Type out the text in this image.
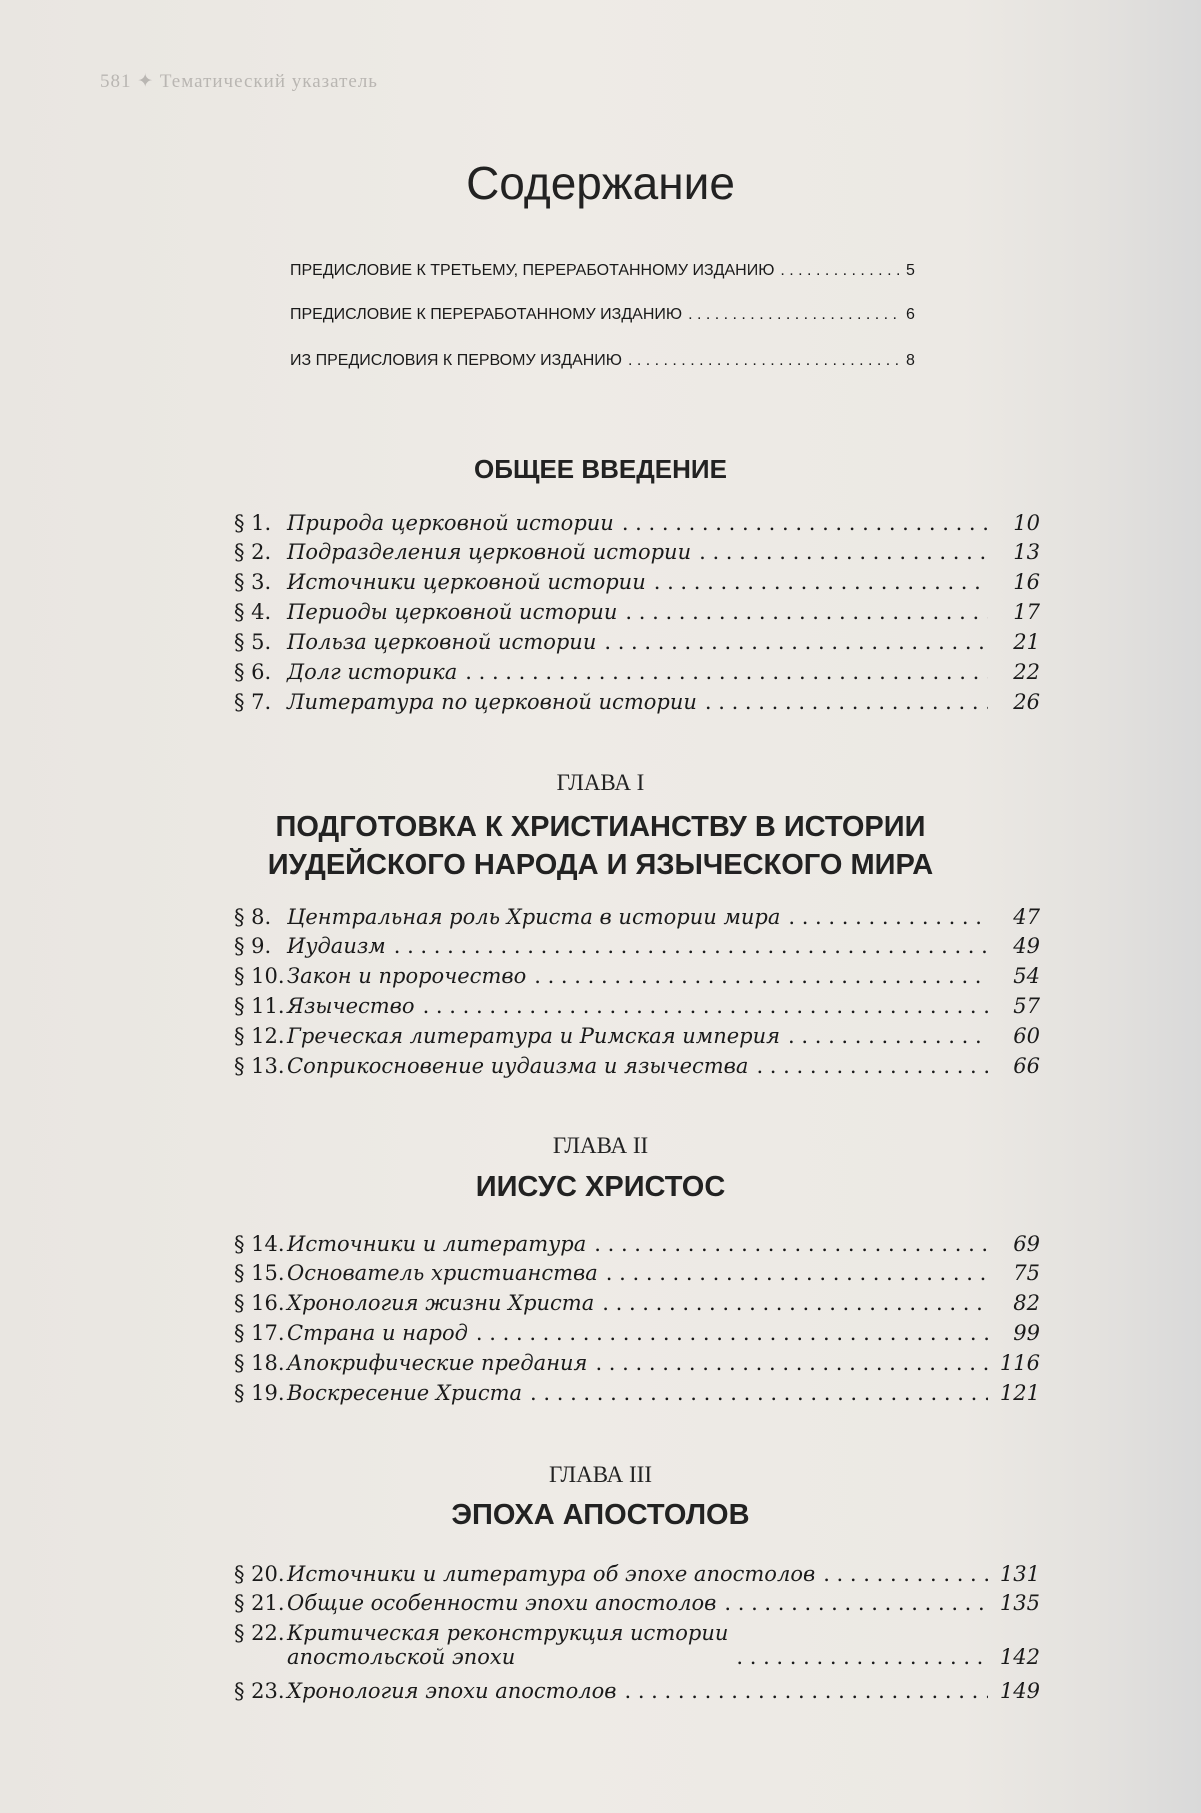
581 ✦ Тематический указатель
Содержание
ПРЕДИСЛОВИЕ К ТРЕТЬЕМУ, ПЕРЕРАБОТАННОМУ ИЗДАНИЮ . .	5
ПРЕДИСЛОВИЕ К ПЕРЕРАБОТАННОМУ ИЗДАНИЮ . .	6
ИЗ ПРЕДИСЛОВИЯ К ПЕРВОМУ ИЗДАНИЮ . .	8
ОБЩЕЕ ВВЕДЕНИЕ
§ 1. Природа церковной истории . .	10
§ 2. Подразделения церковной истории . .	13
§ 3. Источники церковной истории . .	16
§ 4. Периоды церковной истории . .	17
§ 5. Польза церковной истории . .	21
§ 6. Долг историка . .	22
§ 7. Литература по церковной истории . .	26
ГЛАВА I
ПОДГОТОВКА К ХРИСТИАНСТВУ В ИСТОРИИ
ИУДЕЙСКОГО НАРОДА И ЯЗЫЧЕСКОГО МИРА
§ 8. Центральная роль Христа в истории мира . .	47
§ 9. Иудаизм . .	49
§ 10. Закон и пророчество . .	54
§ 11. Язычество . .	57
§ 12. Греческая литература и Римская империя . .	60
§ 13. Соприкосновение иудаизма и язычества . .	66
ГЛАВА II
ИИСУС ХРИСТОС
§ 14. Источники и литература . .	69
§ 15. Основатель христианства . .	75
§ 16. Хронология жизни Христа . .	82
§ 17. Страна и народ . .	99
§ 18. Апокрифические предания . .	116
§ 19. Воскресение Христа . .	121
ГЛАВА III
ЭПОХА АПОСТОЛОВ
§ 20. Источники и литература об эпохе апостолов . .	131
§ 21. Общие особенности эпохи апостолов . .	135
§ 22. Критическая реконструкция истории
апостольской эпохи . .	142
§ 23. Хронология эпохи апостолов . .	149
